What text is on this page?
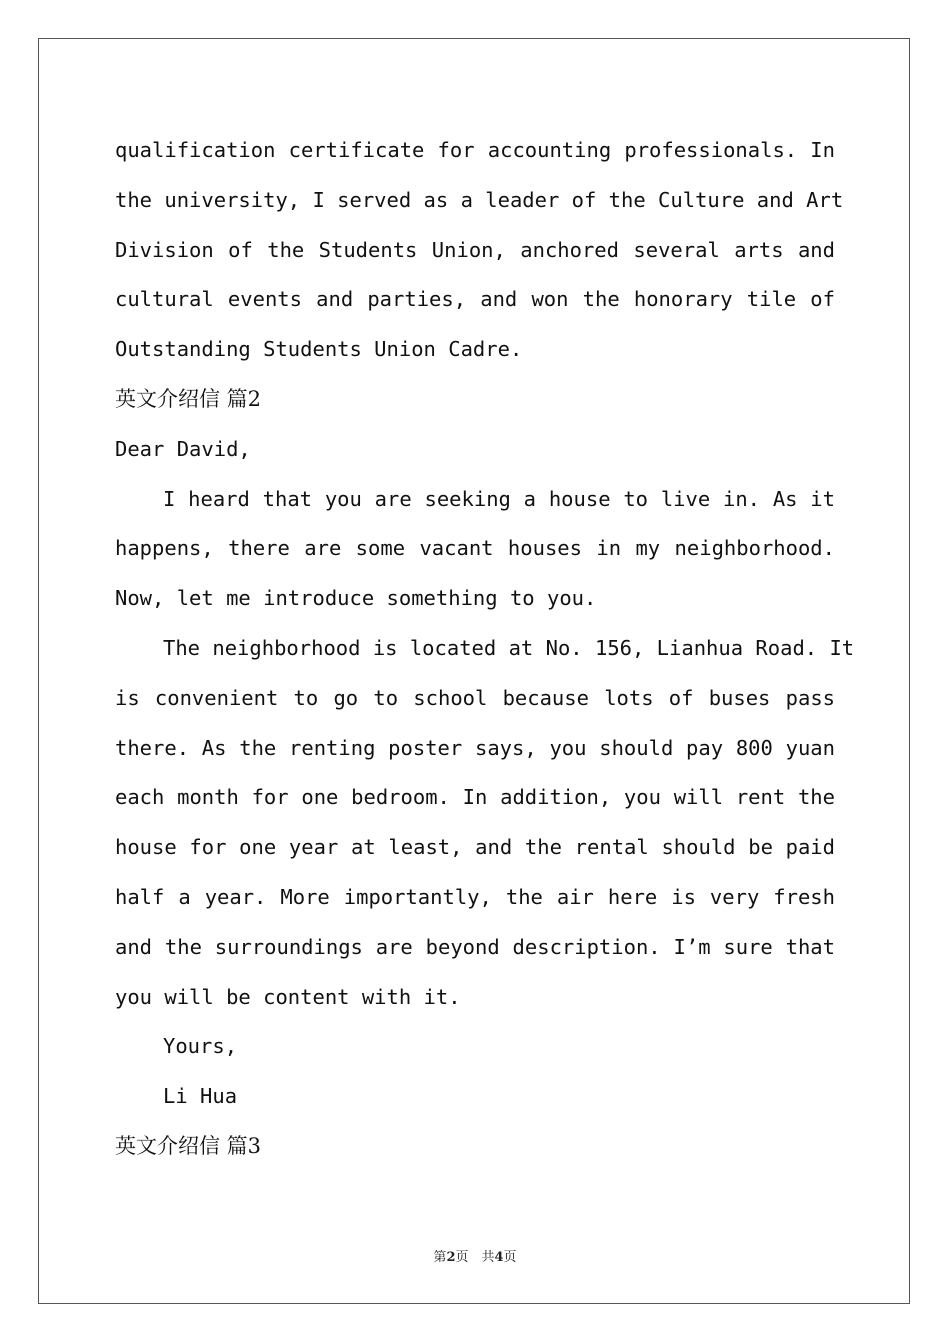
qualification certificate for accounting professionals. In

the university, I served as a leader of the Culture and Art

Division of the Students Union, anchored several arts and

cultural events and parties, and won the honorary tile of

Outstanding Students Union Cadre.

英文介绍信 篇2

Dear David,

I heard that you are seeking a house to live in. As it

happens, there are some vacant houses in my neighborhood.

Now, let me introduce something to you.

The neighborhood is located at No. 156, Lianhua Road. It

is convenient to go to school because lots of buses pass

there. As the renting poster says, you should pay 800 yuan

each month for one bedroom. In addition, you will rent the

house for one year at least, and the rental should be paid

half a year. More importantly, the air here is very fresh

and the surroundings are beyond description. I’m sure that

you will be content with it.

Yours,

Li Hua

英文介绍信 篇3

第2页　共4页
